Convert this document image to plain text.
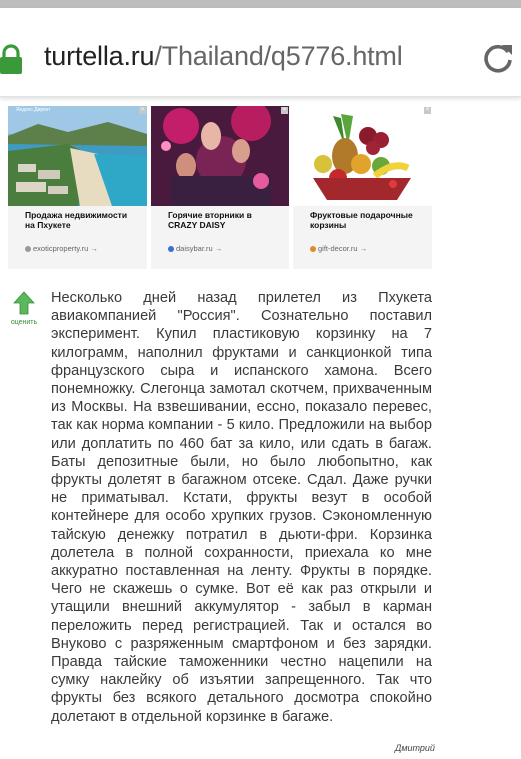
turtella.ru/Thailand/q5776.html
Яндекс.Директ	×
Продажа недвижимости на Пхукете
exoticproperty.ru →
×
Горячие вторники в CRAZY DAISY
daisybar.ru →
×
Фруктовые подарочные корзины
gift-decor.ru →
оценить
Несколько дней назад прилетел из Пхукета авиакомпанией "Россия". Сознательно поставил эксперимент. Купил пластиковую корзинку на 7 килограмм, наполнил фруктами и санкционкой типа французского сыра и испанского хамона. Всего понемножку. Слегонца замотал скотчем, прихваченным из Москвы. На взвешивании, ессно, показало перевес, так как норма компании - 5 кило. Предложили на выбор или доплатить по 460 бат за кило, или сдать в багаж. Баты депозитные были, но было любопытно, как фрукты долетят в багажном отсеке. Сдал. Даже ручки не приматывал. Кстати, фрукты везут в особой контейнере для особо хрупких грузов. Сэкономленную тайскую денежку потратил в дьюти-фри. Корзинка долетела в полной сохранности, приехала ко мне аккуратно поставленная на ленту. Фрукты в порядке. Чего не скажешь о сумке. Вот её как раз открыли и утащили внешний аккумулятор - забыл в карман переложить перед регистрацией. Так и остался во Внуково с разряженным смартфоном и без зарядки. Правда тайские таможенники честно нацепили на сумку наклейку об изъятии запрещенного. Так что фрукты без всякого детального досмотра спокойно долетают в отдельной корзинке в багаже.
Дмитрий
